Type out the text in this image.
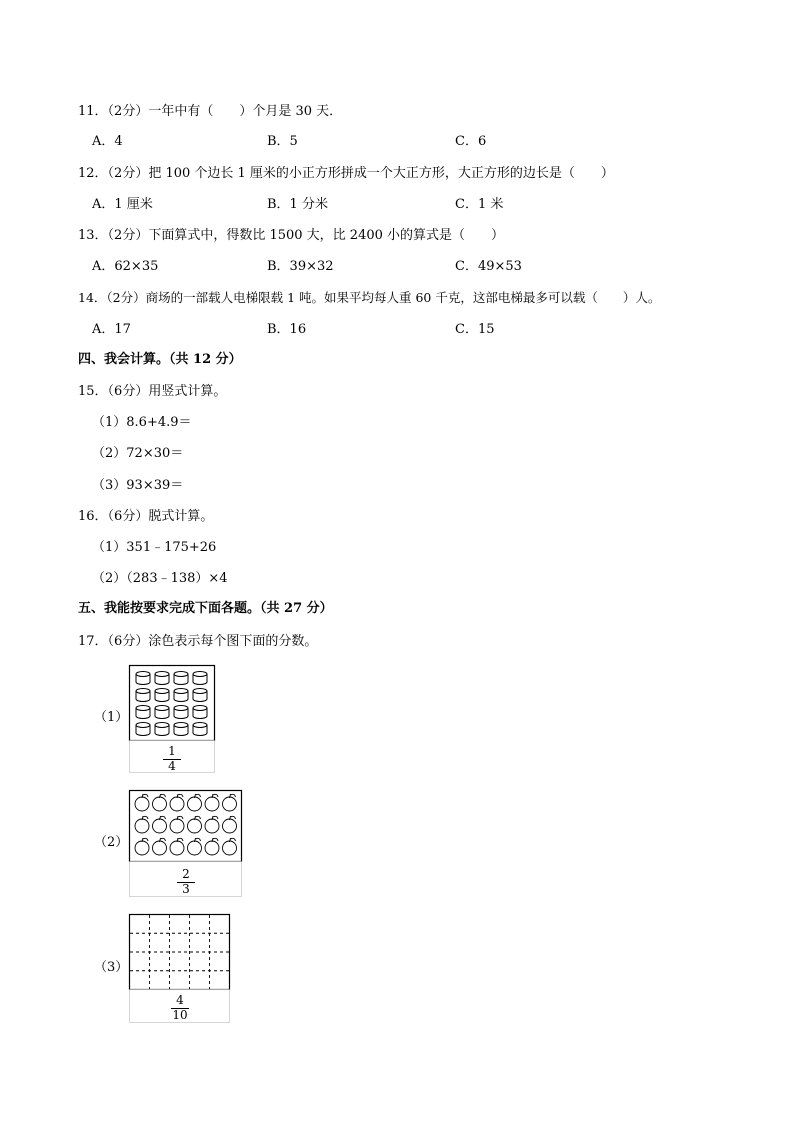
11．（2分）一年中有（　　）个月是 30 天．
A．4	B．5	C．6
12．（2分）把 100 个边长 1 厘米的小正方形拼成一个大正方形，大正方形的边长是（　　）
A．1 厘米	B．1 分米	C．1 米
13．（2分）下面算式中，得数比 1500 大，比 2400 小的算式是（　　）
A．62×35	B．39×32	C．49×53
14．（2分）商场的一部载人电梯限载 1 吨。如果平均每人重 60 千克，这部电梯最多可以载（　　）人。
A．17	B．16	C．15
四、我会计算。（共 12 分）
15．（6分）用竖式计算。
（1）8.6+4.9＝
（2）72×30＝
（3）93×39＝
16．（6分）脱式计算。
（1）351﹣175+26
（2）（283﹣138）×4
五、我能按要求完成下面各题。（共 27 分）
17．（6分）涂色表示每个图下面的分数。
（1）
1
4
（2）
2
3
（3）
4
10
